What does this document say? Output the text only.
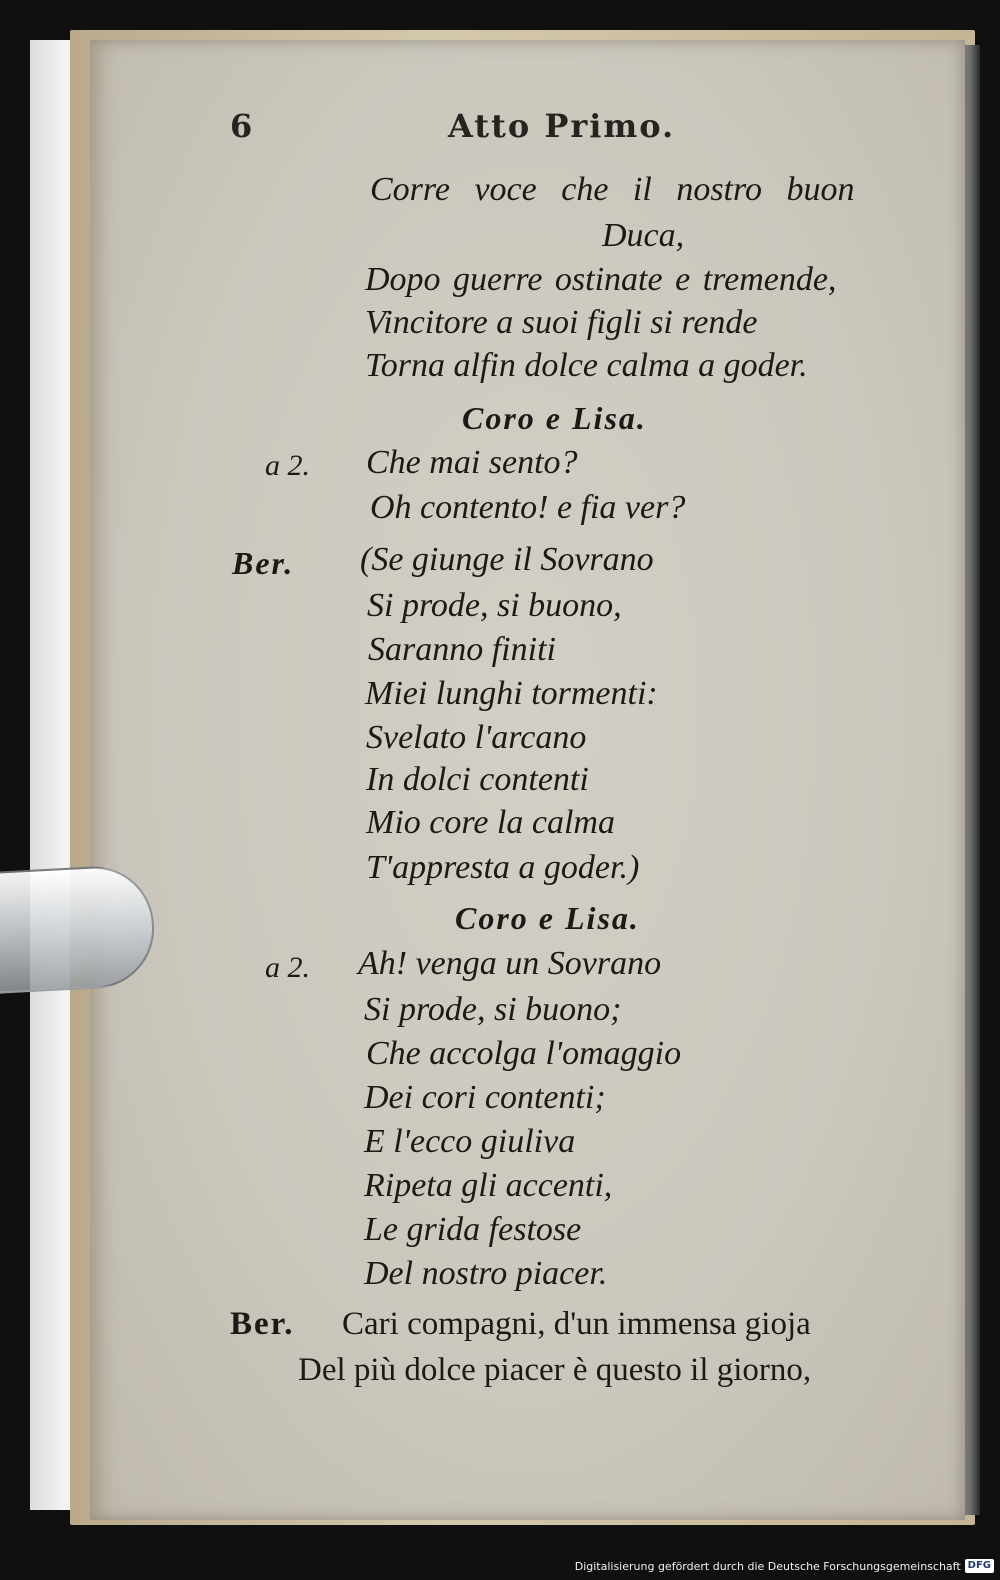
6	Atto Primo.
Corre voce che il nostro buon
Duca,
Dopo guerre ostinate e tremende,
Vincitore a suoi figli si rende
Torna alfin dolce calma a goder.
Coro e Lisa.
a 2. Che mai sento?
Oh contento! e fia ver?
Ber. (Se giunge il Sovrano
Si prode, si buono,
Saranno finiti
Miei lunghi tormenti:
Svelato l'arcano
In dolci contenti
Mio core la calma
T'appresta a goder.)
Coro e Lisa.
a 2. Ah! venga un Sovrano
Si prode, si buono;
Che accolga l'omaggio
Dei cori contenti;
E l'ecco giuliva
Ripeta gli accenti,
Le grida festose
Del nostro piacer.
Ber. Cari compagni, d'un immensa gioja
Del più dolce piacer è questo il giorno,
Digitalisierung gefördert durch die Deutsche Forschungsgemeinschaft DFG
